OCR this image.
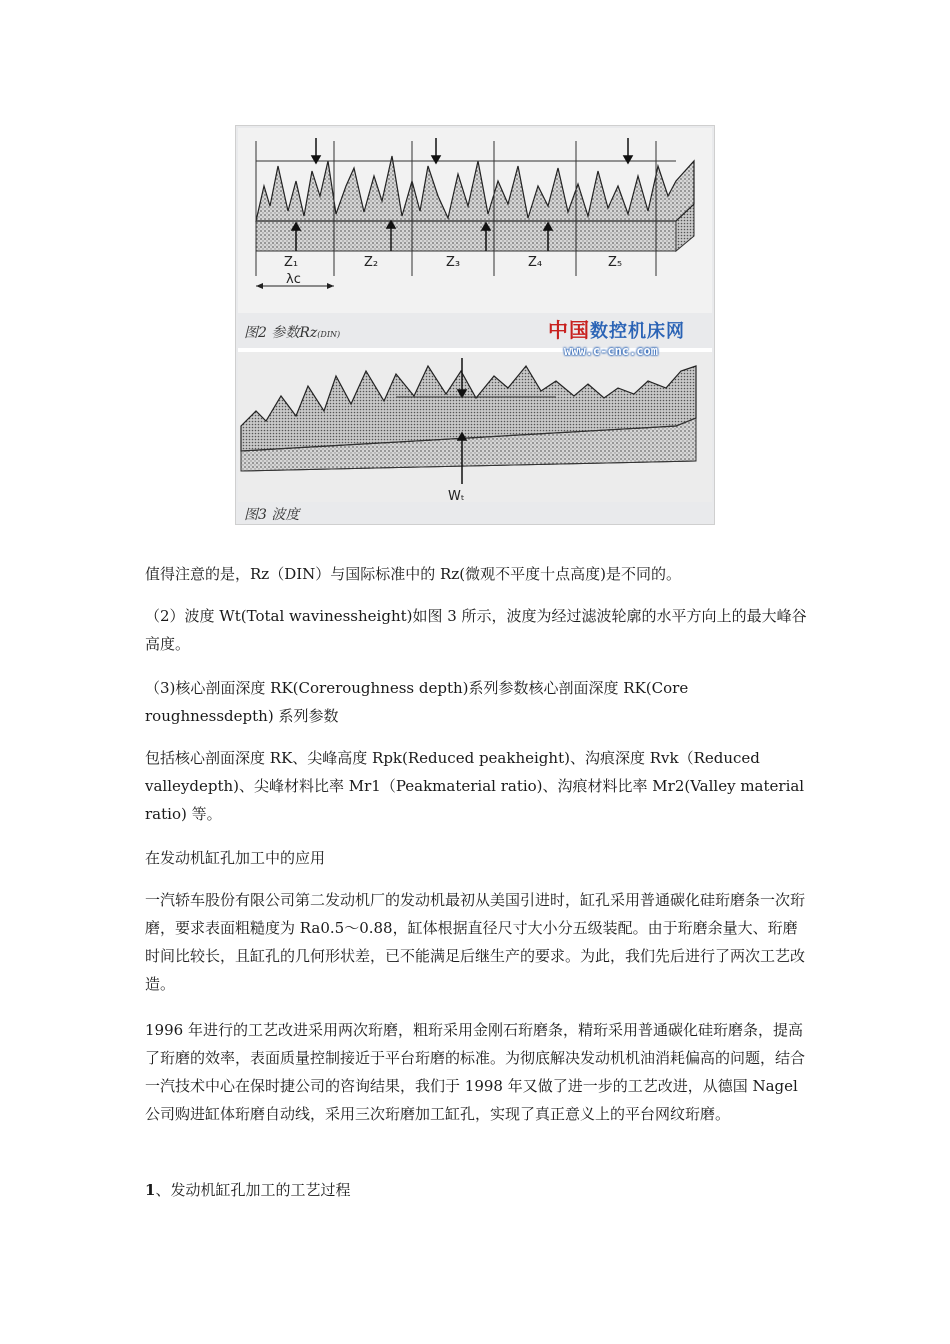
Z₁	Z₂	Z₃	Z₄	Z₅
λc
Wₜ
图2 参数Rz(DIN)	中国数控机床网
www.c-cnc.com
图3 波度

值得注意的是，Rz（DIN）与国际标准中的 Rz(微观不平度十点高度)是不同的。

（2）波度 Wt(Total wavinessheight)如图 3 所示，波度为经过滤波轮廓的水平方向上的最大峰谷高度。

（3)核心剖面深度 RK(Coreroughness depth)系列参数核心剖面深度 RK(Core roughnessdepth) 系列参数

包括核心剖面深度 RK、尖峰高度 Rpk(Reduced peakheight)、沟痕深度 Rvk（Reduced valleydepth)、尖峰材料比率 Mr1（Peakmaterial ratio)、沟痕材料比率 Mr2(Valley material ratio) 等。

在发动机缸孔加工中的应用

一汽轿车股份有限公司第二发动机厂的发动机最初从美国引进时，缸孔采用普通碳化硅珩磨条一次珩磨，要求表面粗糙度为 Ra0.5～0.88，缸体根据直径尺寸大小分五级装配。由于珩磨余量大、珩磨时间比较长，且缸孔的几何形状差，已不能满足后继生产的要求。为此，我们先后进行了两次工艺改造。

1996 年进行的工艺改进采用两次珩磨，粗珩采用金刚石珩磨条，精珩采用普通碳化硅珩磨条，提高了珩磨的效率，表面质量控制接近于平台珩磨的标准。为彻底解决发动机机油消耗偏高的问题，结合一汽技术中心在保时捷公司的咨询结果，我们于 1998 年又做了进一步的工艺改进，从德国 Nagel 公司购进缸体珩磨自动线，采用三次珩磨加工缸孔，实现了真正意义上的平台网纹珩磨。

1、发动机缸孔加工的工艺过程
